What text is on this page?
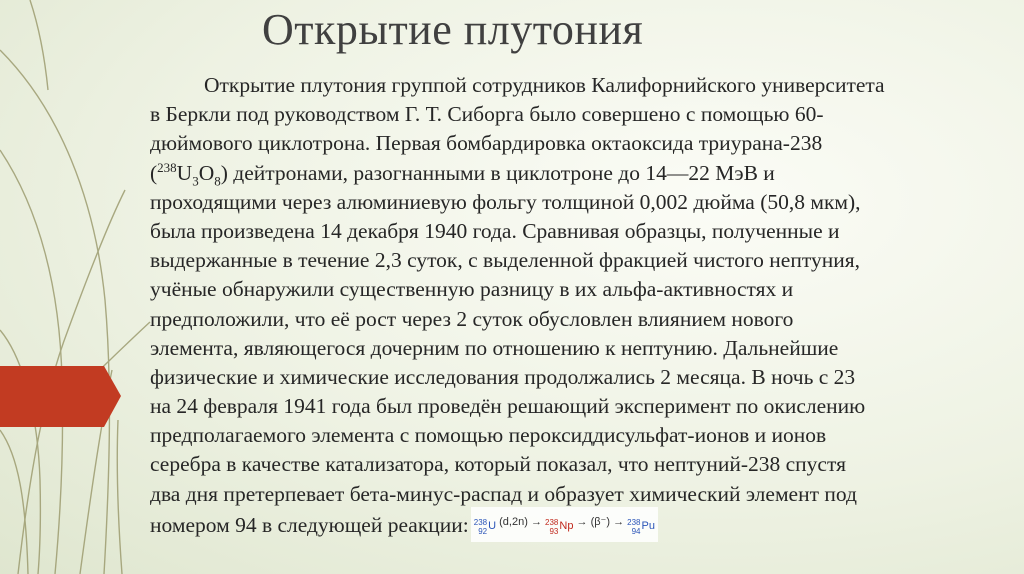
Открытие плутония
Открытие плутония группой сотрудников Калифорнийского университета
в Беркли под руководством Г. Т. Сиборга было совершено с помощью 60-
дюймового циклотрона. Первая бомбардировка октаоксида триурана-238
$(^{238}U_3O_8)$ дейтронами, разогнанными в циклотроне до 14—22 МэВ и
проходящими через алюминиевую фольгу толщиной 0,002 дюйма (50,8 мкм),
была произведена 14 декабря 1940 года. Сравнивая образцы, полученные и
выдержанные в течение 2,3 суток, с выделенной фракцией чистого нептуния,
учёные обнаружили существенную разницу в их альфа-активностях и
предположили, что её рост через 2 суток обусловлен влиянием нового
элемента, являющегося дочерним по отношению к нептунию. Дальнейшие
физические и химические исследования продолжались 2 месяца. В ночь с 23
на 24 февраля 1941 года был проведён решающий эксперимент по окислению
предполагаемого элемента с помощью пероксиддисульфат-ионов и ионов
серебра в качестве катализатора, который показал, что нептуний-238 спустя
два дня претерпевает бета-минус-распад и образует химический элемент под
номером 94 в следующей реакции: 238
92 U (d,2n) → 238
93 Np → (β⁻) → 238
94 Pu
